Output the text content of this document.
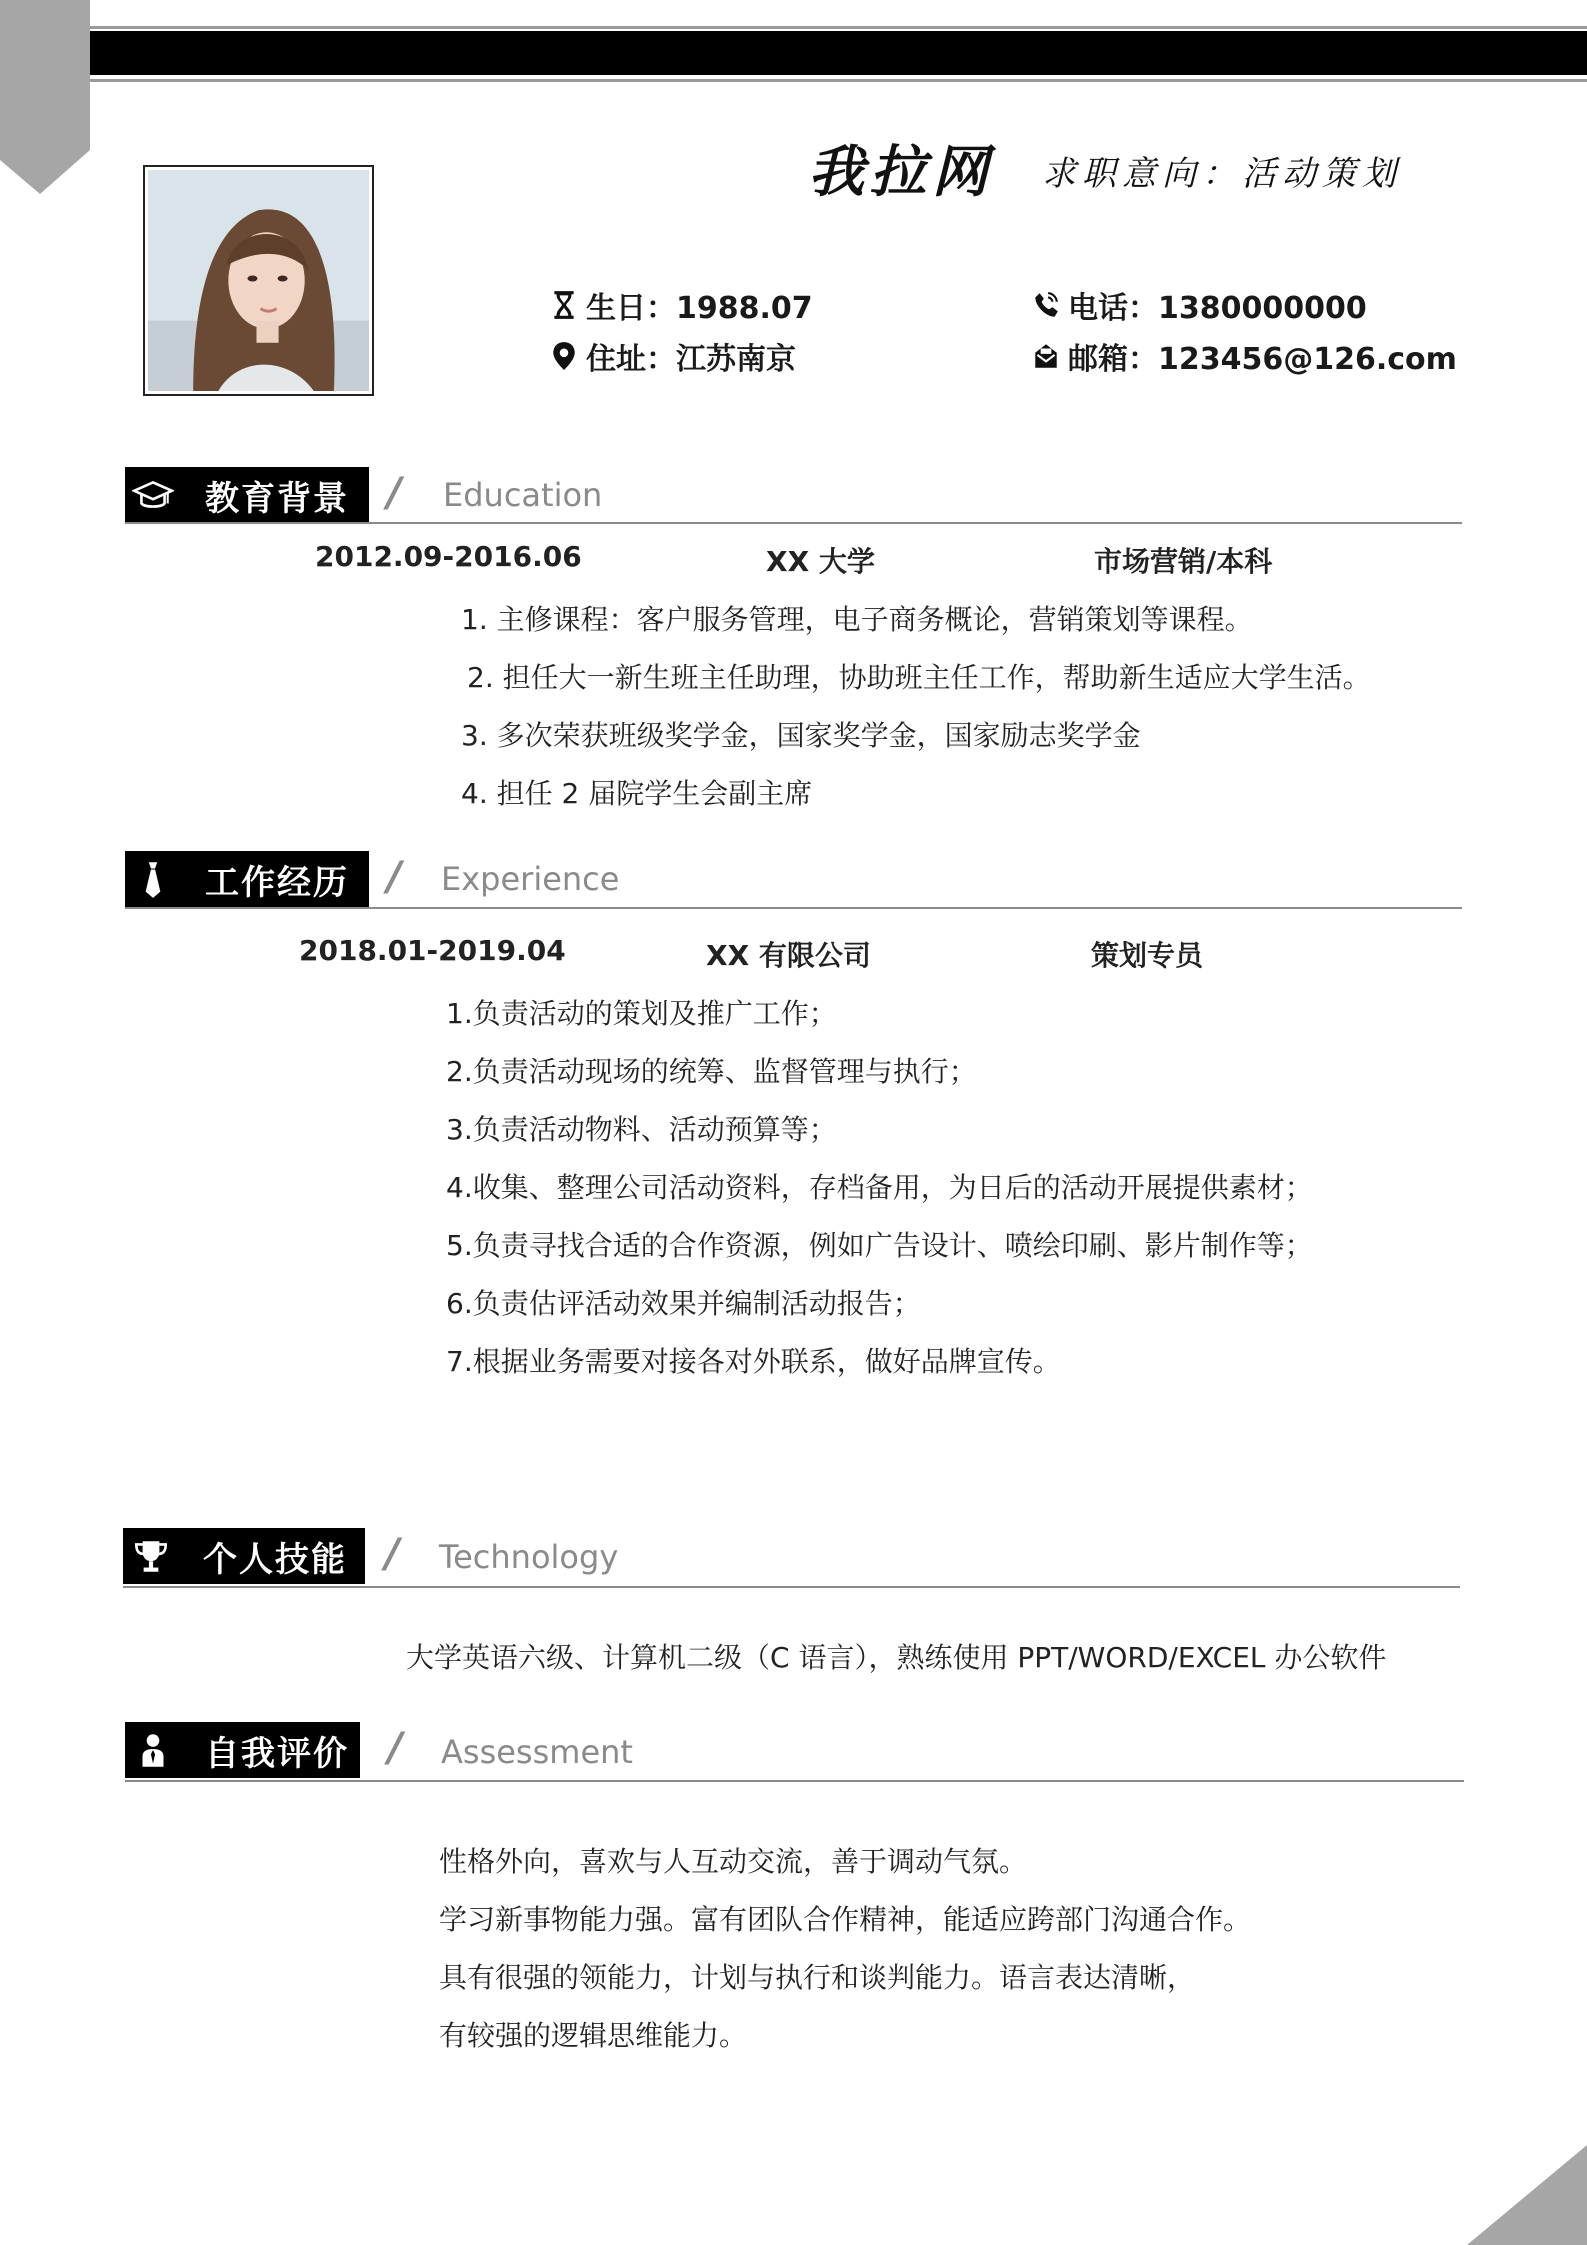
我拉网 求职意向：活动策划
生日：1988.07
住址：江苏南京
电话：1380000000
邮箱：123456@126.com
教育背景 / Education
2012.09-2016.06	XX 大学	市场营销/本科
1. 主修课程：客户服务管理，电子商务概论，营销策划等课程。
2. 担任大一新生班主任助理，协助班主任工作，帮助新生适应大学生活。
3. 多次荣获班级奖学金，国家奖学金，国家励志奖学金
4. 担任 2 届院学生会副主席
工作经历 / Experience
2018.01-2019.04	XX 有限公司	策划专员
1.负责活动的策划及推广工作；
2.负责活动现场的统筹、监督管理与执行；
3.负责活动物料、活动预算等；
4.收集、整理公司活动资料，存档备用，为日后的活动开展提供素材；
5.负责寻找合适的合作资源，例如广告设计、喷绘印刷、影片制作等；
6.负责估评活动效果并编制活动报告；
7.根据业务需要对接各对外联系，做好品牌宣传。
个人技能 / Technology
大学英语六级、计算机二级（C 语言），熟练使用 PPT/WORD/EXCEL 办公软件
自我评价 / Assessment
性格外向，喜欢与人互动交流，善于调动气氛。
学习新事物能力强。富有团队合作精神，能适应跨部门沟通合作。
具有很强的领能力，计划与执行和谈判能力。语言表达清晰，
有较强的逻辑思维能力。
